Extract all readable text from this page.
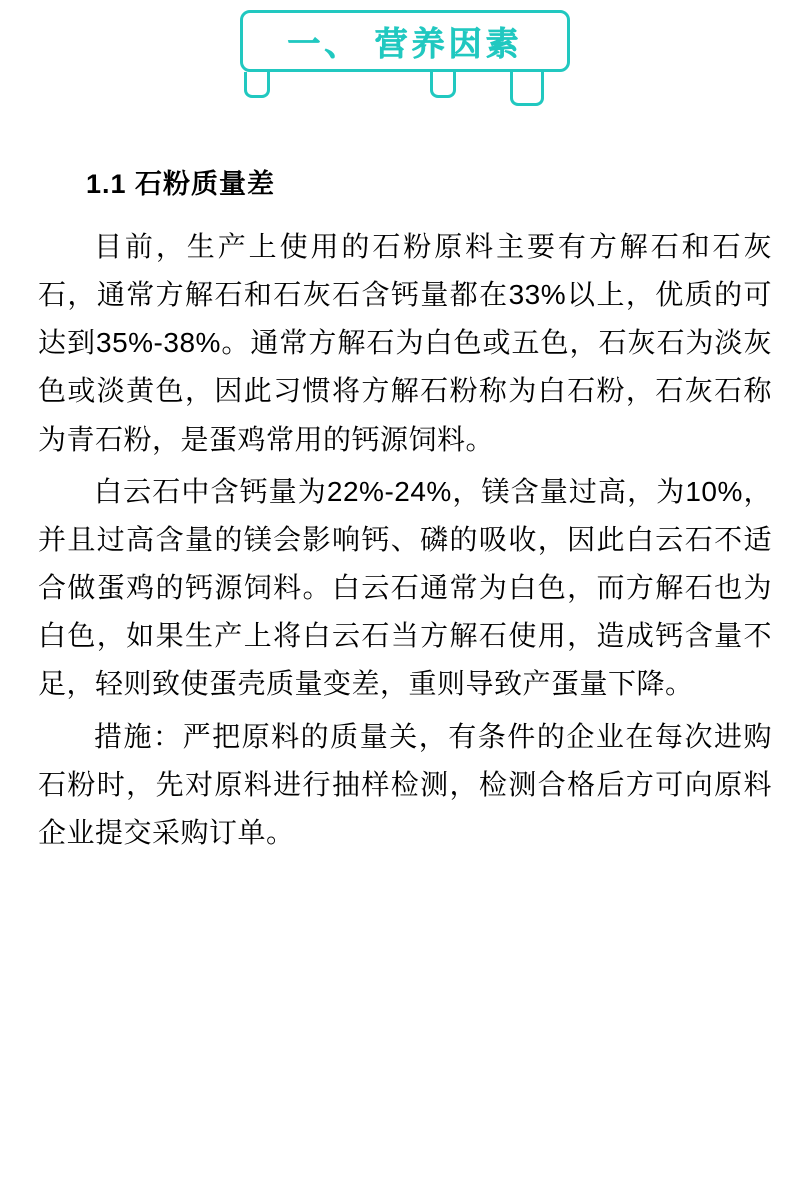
一、 营养因素
1.1 石粉质量差

目前，生产上使用的石粉原料主要有方解石和石灰石，通常方解石和石灰石含钙量都在33%以上，优质的可达到35%-38%。通常方解石为白色或五色，石灰石为淡灰色或淡黄色，因此习惯将方解石粉称为白石粉，石灰石称为青石粉，是蛋鸡常用的钙源饲料。

白云石中含钙量为22%-24%，镁含量过高，为10%，并且过高含量的镁会影响钙、磷的吸收，因此白云石不适合做蛋鸡的钙源饲料。白云石通常为白色，而方解石也为白色，如果生产上将白云石当方解石使用，造成钙含量不足，轻则致使蛋壳质量变差，重则导致产蛋量下降。

措施：严把原料的质量关，有条件的企业在每次进购石粉时，先对原料进行抽样检测，检测合格后方可向原料企业提交采购订单。
